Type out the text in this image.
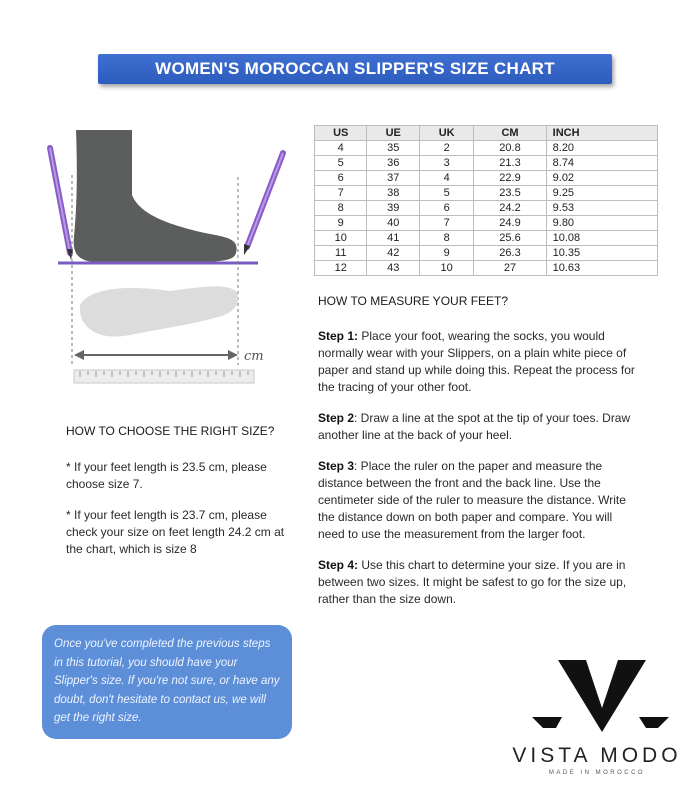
WOMEN'S MOROCCAN SLIPPER'S SIZE CHART
cm
US	UE	UK	CM	INCH
4	35	2	20.8	8.20
5	36	3	21.3	8.74
6	37	4	22.9	9.02
7	38	5	23.5	9.25
8	39	6	24.2	9.53
9	40	7	24.9	9.80
10	41	8	25.6	10.08
11	42	9	26.3	10.35
12	43	10	27	10.63
HOW TO MEASURE YOUR FEET?

Step 1: Place your foot, wearing the socks, you would normally wear with your Slippers, on a plain white piece of paper and stand up while doing this. Repeat the process for the tracing of your other foot.

Step 2: Draw a line at the spot at the tip of your toes. Draw another line at the back of your heel.

Step 3: Place the ruler on the paper and measure the distance between the front and the back line. Use the centimeter side of the ruler to measure the distance. Write the distance down on both paper and compare. You will need to use the measurement from the larger foot.

Step 4: Use this chart to determine your size. If you are in between two sizes. It might be safest to go for the size up, rather than the size down.

HOW TO CHOOSE THE RIGHT SIZE?

* If your feet length is 23.5 cm, please choose size 7.

* If your feet length is 23.7 cm, please check your size on feet length 24.2 cm at the chart, which is size 8

Once you've completed the previous steps in this tutorial, you should have your Slipper's size. If you're not sure, or have any doubt, don't hesitate to contact us, we will get the right size.
VISTA MODO
MADE IN MOROCCO
